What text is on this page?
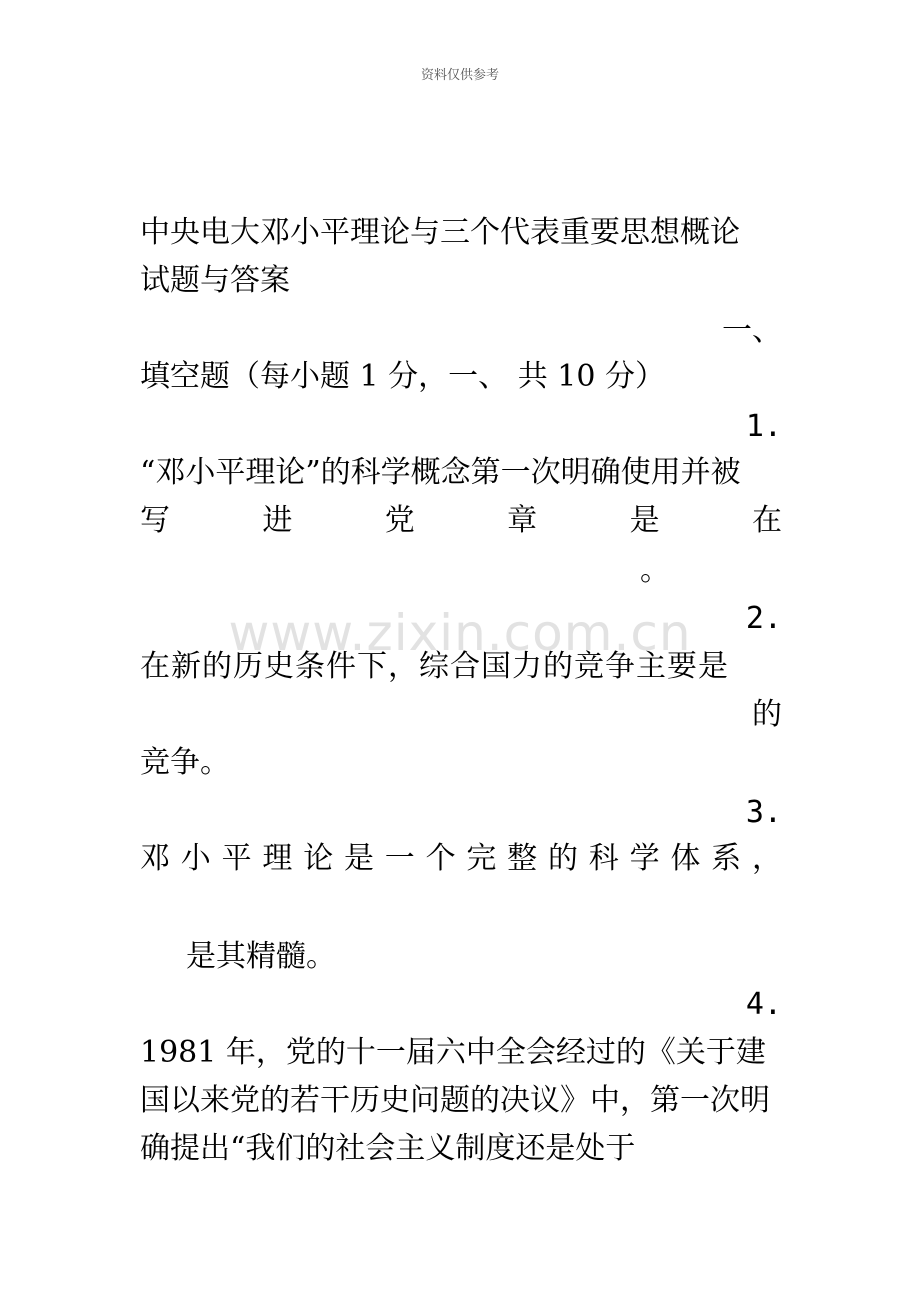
资料仅供参考
www.zixin.com.cn
中央电大邓小平理论与三个代表重要思想概论
试题与答案
一、
填空题（每小题 1 分，一、 共 10 分）
1.
“邓小平理论”的科学概念第一次明确使用并被
写	进	党	章	是	在
。
2.
在新的历史条件下，综合国力的竞争主要是
的
竞争。
3.
邓 小 平 理 论 是 一 个 完 整 的 科 学 体 系 ，
是其精髓。
4.
1981 年，党的十一届六中全会经过的《关于建
国以来党的若干历史问题的决议》中，第一次明
确提出“我们的社会主义制度还是处于
